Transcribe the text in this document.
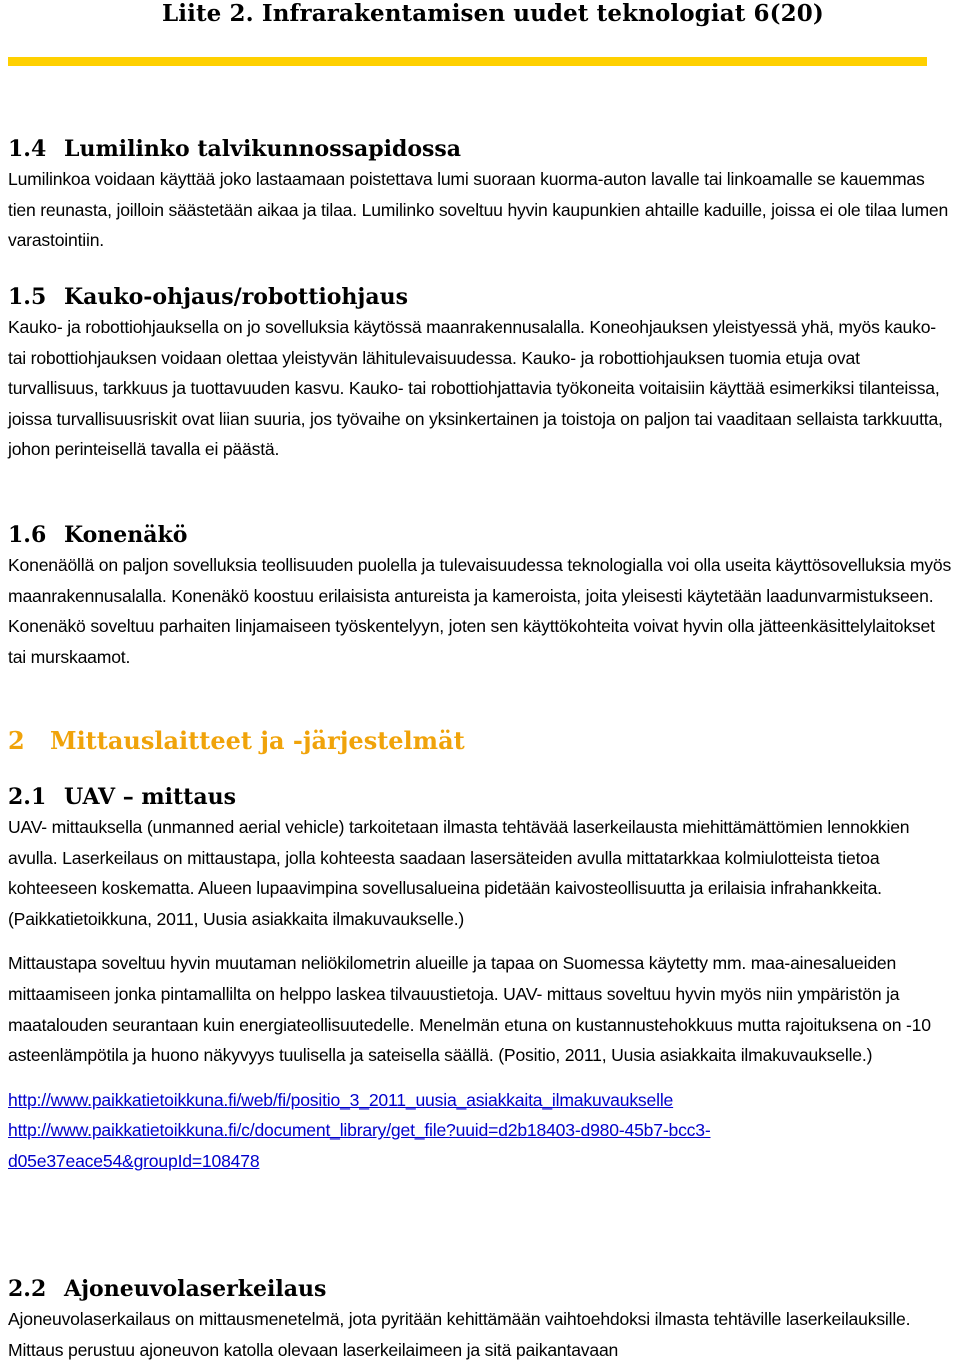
Liite 2. Infrarakentamisen uudet teknologiat 6(20)
1.4 Lumilinko talvikunnossapidossa

Lumilinkoa voidaan käyttää joko lastaamaan poistettava lumi suoraan kuorma-auton lavalle tai linkoamalle se kauemmas tien reunasta, joilloin säästetään aikaa ja tilaa. Lumilinko soveltuu hyvin kaupunkien ahtaille kaduille, joissa ei ole tilaa lumen varastointiin.

1.5 Kauko-ohjaus/robottiohjaus

Kauko- ja robottiohjauksella on jo sovelluksia käytössä maanrakennusalalla. Koneohjauksen yleistyessä yhä, myös kauko- tai robottiohjauksen voidaan olettaa yleistyvän lähitulevaisuudessa. Kauko- ja robottiohjauksen tuomia etuja ovat turvallisuus, tarkkuus ja tuottavuuden kasvu. Kauko- tai robottiohjattavia työkoneita voitaisiin käyttää esimerkiksi tilanteissa, joissa turvallisuusriskit ovat liian suuria, jos työvaihe on yksinkertainen ja toistoja on paljon tai vaaditaan sellaista tarkkuutta, johon perinteisellä tavalla ei päästä.

1.6 Konenäkö

Konenäöllä on paljon sovelluksia teollisuuden puolella ja tulevaisuudessa teknologialla voi olla useita käyttösovelluksia myös maanrakennusalalla. Konenäkö koostuu erilaisista antureista ja kameroista, joita yleisesti käytetään laadunvarmistukseen. Konenäkö soveltuu parhaiten linjamaiseen työskentelyyn, joten sen käyttökohteita voivat hyvin olla jätteenkäsittelylaitokset tai murskaamot.

2 Mittauslaitteet ja -järjestelmät
2.1 UAV – mittaus

UAV- mittauksella (unmanned aerial vehicle) tarkoitetaan ilmasta tehtävää laserkeilausta miehittämättömien lennokkien avulla. Laserkeilaus on mittaustapa, jolla kohteesta saadaan lasersäteiden avulla mittatarkkaa kolmiulotteista tietoa kohteeseen koskematta. Alueen lupaavimpina sovellusalueina pidetään kaivosteollisuutta ja erilaisia infrahankkeita. (Paikkatietoikkuna, 2011, Uusia asiakkaita ilmakuvaukselle.)

Mittaustapa soveltuu hyvin muutaman neliökilometrin alueille ja tapaa on Suomessa käytetty mm. maa-ainesalueiden mittaamiseen jonka pintamallilta on helppo laskea tilvauustietoja. UAV- mittaus soveltuu hyvin myös niin ympäristön ja maatalouden seurantaan kuin energiateollisuutedelle. Menelmän etuna on kustannustehokkuus mutta rajoituksena on -10 asteenlämpötila ja huono näkyvyys tuulisella ja sateisella säällä. (Positio, 2011, Uusia asiakkaita ilmakuvaukselle.)

http://www.paikkatietoikkuna.fi/web/fi/positio_3_2011_uusia_asiakkaita_ilmakuvaukselle
http://www.paikkatietoikkuna.fi/c/document_library/get_file?uuid=d2b18403-d980-45b7-bcc3-d05e37eace54&groupId=108478
2.2 Ajoneuvolaserkeilaus

Ajoneuvolaserkailaus on mittausmenetelmä, jota pyritään kehittämään vaihtoehdoksi ilmasta tehtäville laserkeilauksille. Mittaus perustuu ajoneuvon katolla olevaan laserkeilaimeen ja sitä paikantavaan
